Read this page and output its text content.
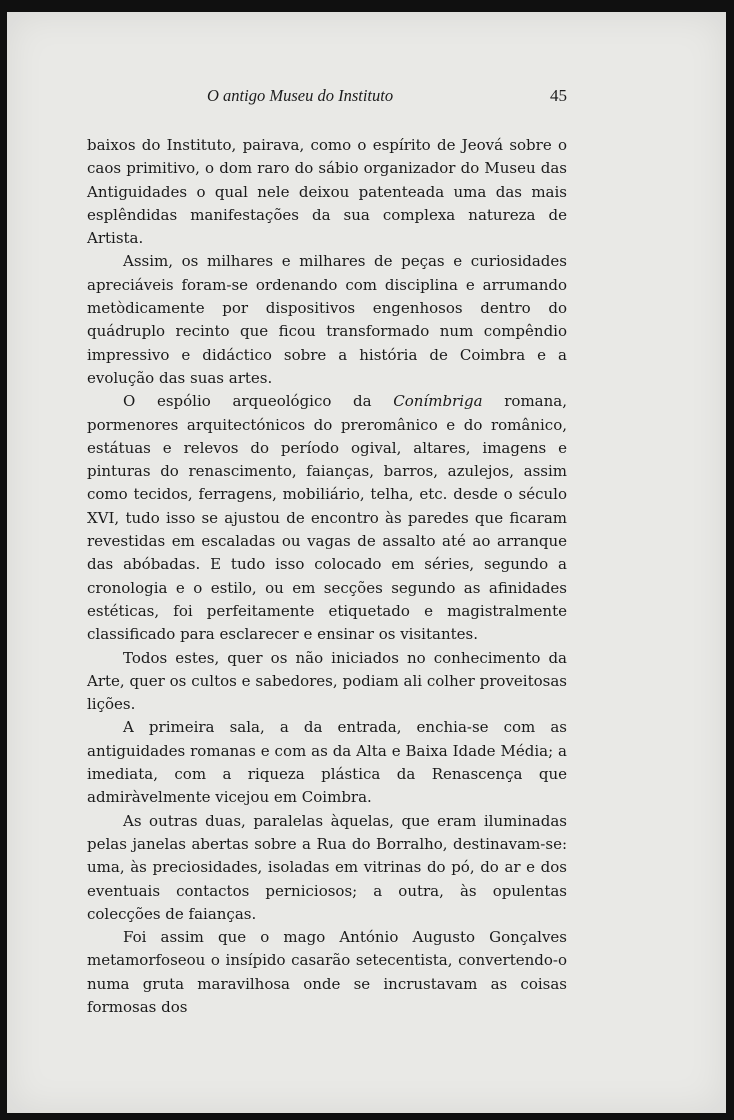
O antigo Museu do Instituto	45

baixos do Instituto, pairava, como o espírito de Jeová sobre o caos primitivo, o dom raro do sábio organizador do Museu das Antiguidades o qual nele deixou patenteada uma das mais esplêndidas manifestações da sua complexa natureza de Artista.

Assim, os milhares e milhares de peças e curiosidades apreciáveis foram-se ordenando com disciplina e arrumando metòdicamente por dispositivos engenhosos dentro do quádruplo recinto que ficou transformado num compêndio impressivo e didáctico sobre a história de Coimbra e a evolução das suas artes.

O espólio arqueológico da Conímbriga romana, pormenores arquitectónicos do preromânico e do românico, estátuas e relevos do período ogival, altares, imagens e pinturas do renascimento, faianças, barros, azulejos, assim como tecidos, ferragens, mobiliário, telha, etc. desde o século XVI, tudo isso se ajustou de encontro às paredes que ficaram revestidas em escaladas ou vagas de assalto até ao arranque das abóbadas. E tudo isso colocado em séries, segundo a cronologia e o estilo, ou em secções segundo as afinidades estéticas, foi perfeitamente etiquetado e magistralmente classificado para esclarecer e ensinar os visitantes.

Todos estes, quer os não iniciados no conhecimento da Arte, quer os cultos e sabedores, podiam ali colher proveitosas lições.

A primeira sala, a da entrada, enchia-se com as antiguidades romanas e com as da Alta e Baixa Idade Média; a imediata, com a riqueza plástica da Renascença que admiràvelmente vicejou em Coimbra.

As outras duas, paralelas àquelas, que eram iluminadas pelas janelas abertas sobre a Rua do Borralho, destinavam-se: uma, às preciosidades, isoladas em vitrinas do pó, do ar e dos eventuais contactos perniciosos; a outra, às opulentas colecções de faianças.

Foi assim que o mago António Augusto Gonçalves metamorfoseou o insípido casarão setecentista, convertendo-o numa gruta maravilhosa onde se incrustavam as coisas formosas dos
